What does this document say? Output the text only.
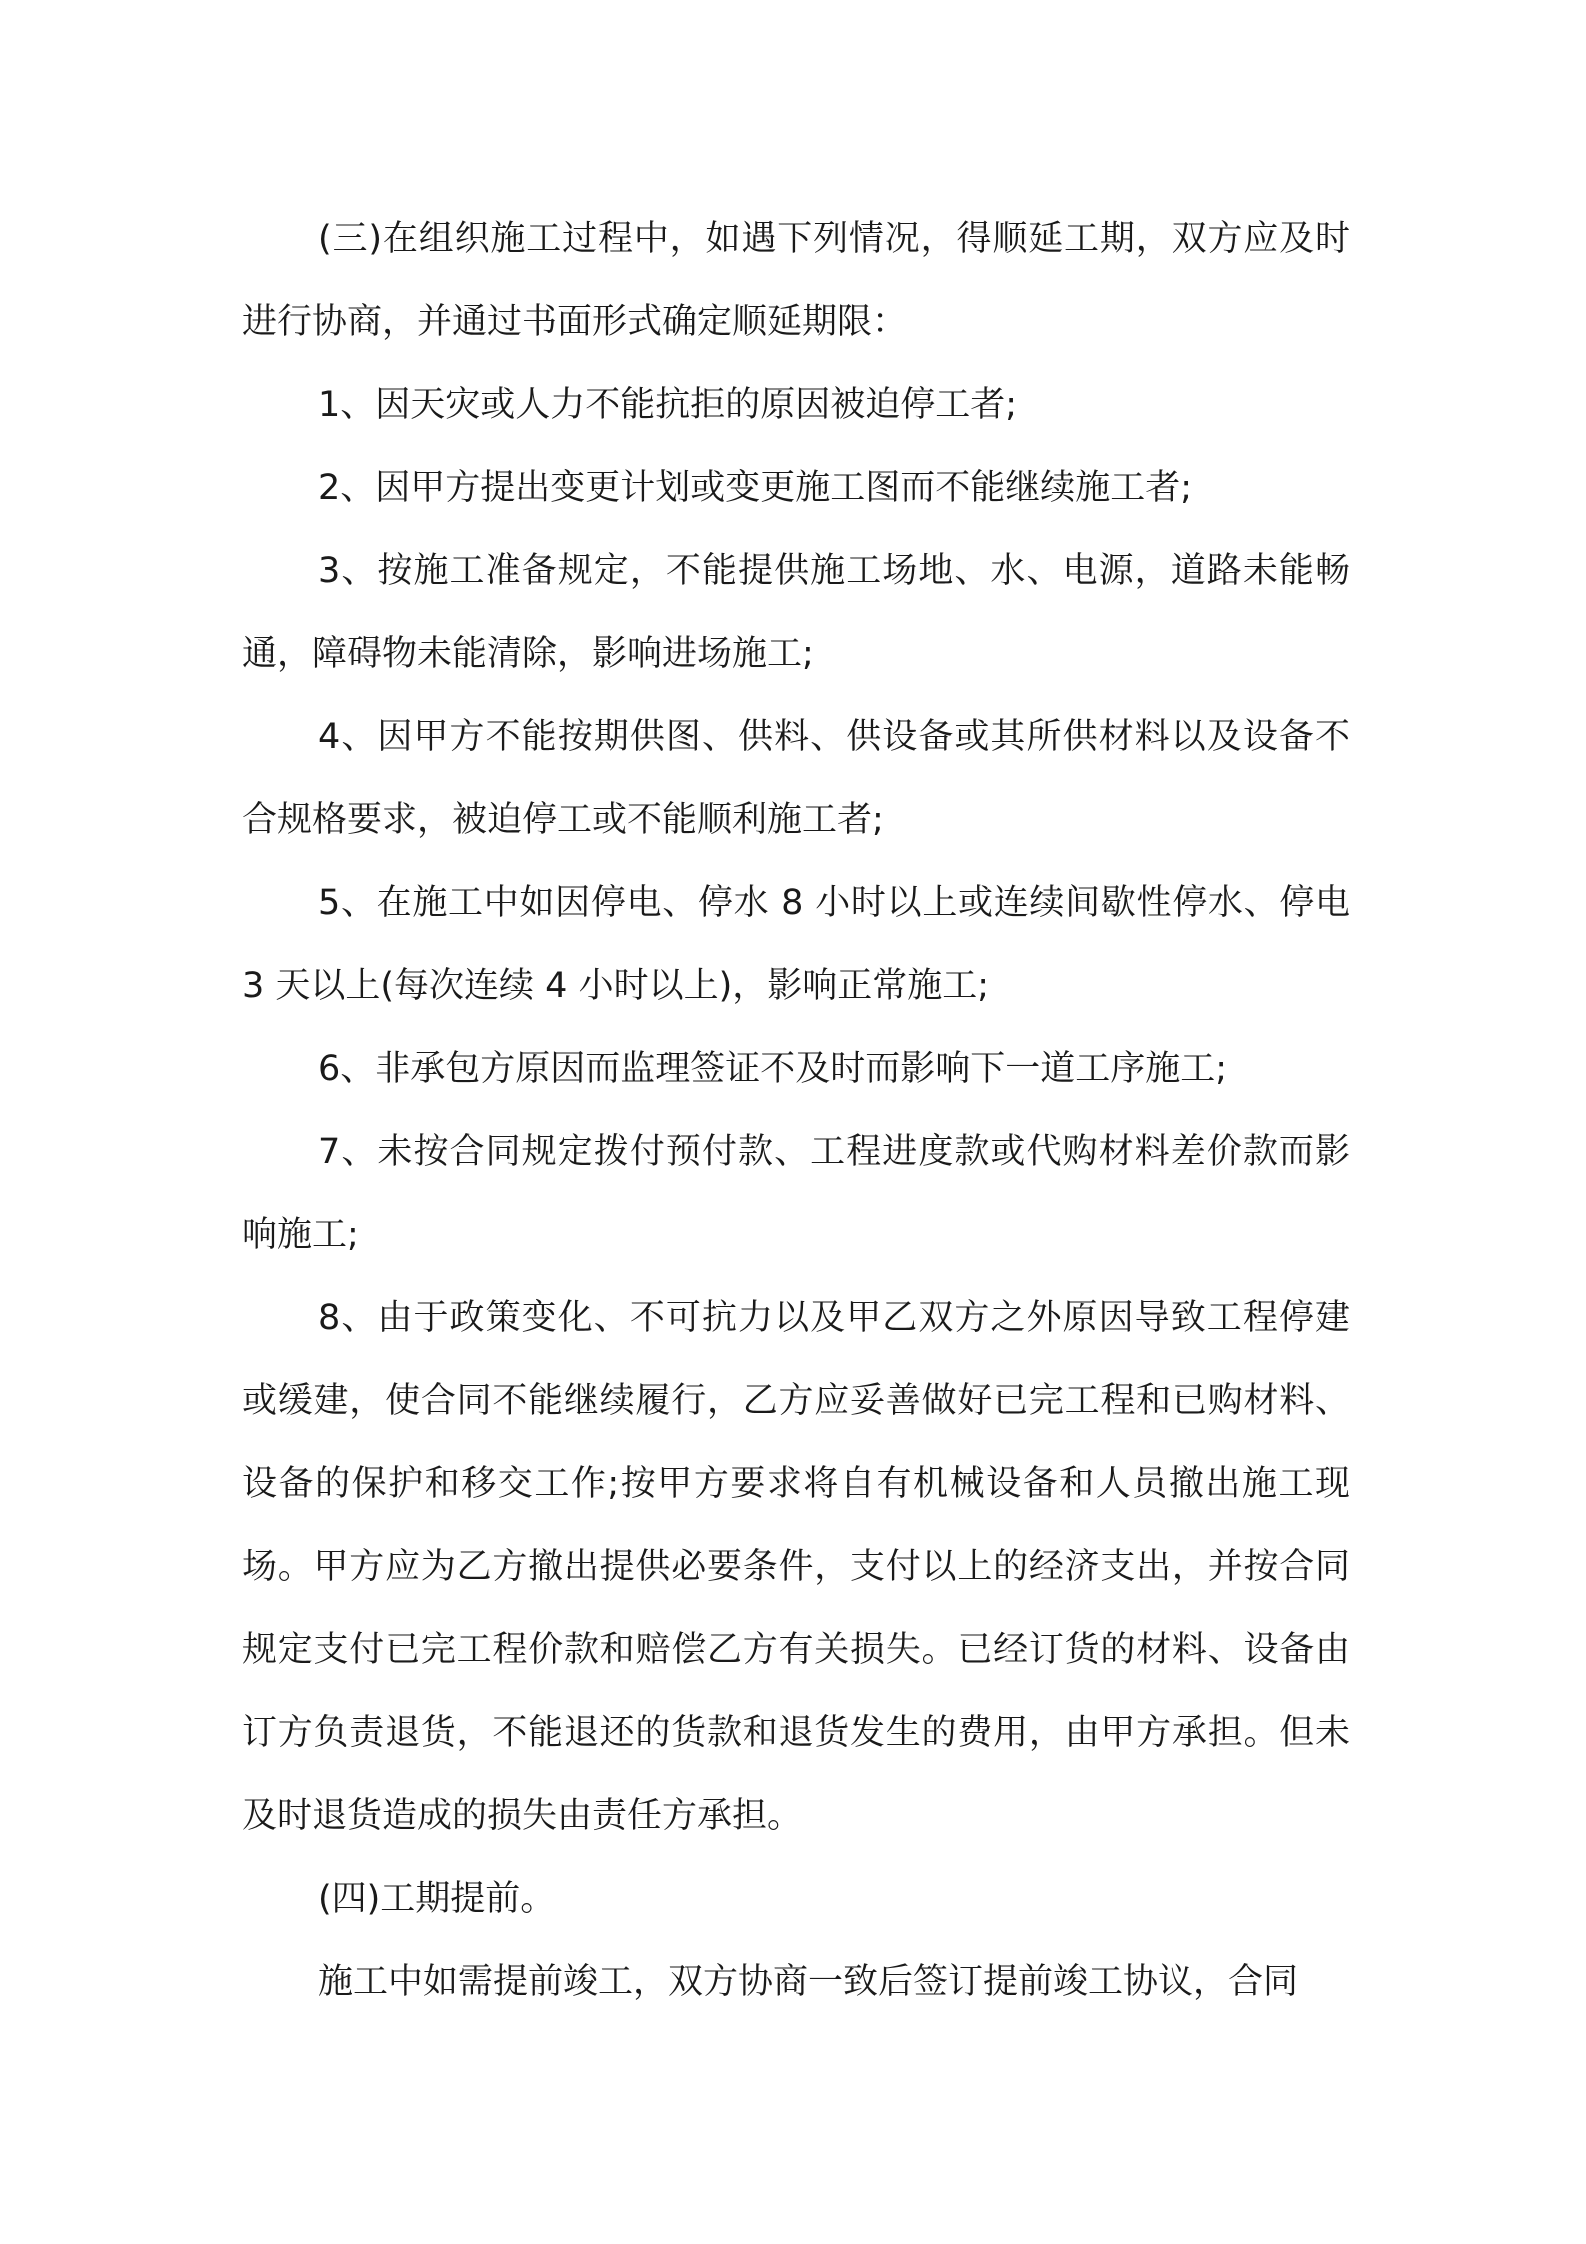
(三)在组织施工过程中，如遇下列情况，得顺延工期，双方应及时进行协商，并通过书面形式确定顺延期限：

1、因天灾或人力不能抗拒的原因被迫停工者;

2、因甲方提出变更计划或变更施工图而不能继续施工者;

3、按施工准备规定，不能提供施工场地、水、电源，道路未能畅通，障碍物未能清除，影响进场施工;

4、因甲方不能按期供图、供料、供设备或其所供材料以及设备不合规格要求，被迫停工或不能顺利施工者;

5、在施工中如因停电、停水 8 小时以上或连续间歇性停水、停电 3 天以上(每次连续 4 小时以上)，影响正常施工;

6、非承包方原因而监理签证不及时而影响下一道工序施工;

7、未按合同规定拨付预付款、工程进度款或代购材料差价款而影响施工;

8、由于政策变化、不可抗力以及甲乙双方之外原因导致工程停建或缓建，使合同不能继续履行，乙方应妥善做好已完工程和已购材料、设备的保护和移交工作;按甲方要求将自有机械设备和人员撤出施工现场。甲方应为乙方撤出提供必要条件，支付以上的经济支出，并按合同规定支付已完工程价款和赔偿乙方有关损失。已经订货的材料、设备由订方负责退货，不能退还的货款和退货发生的费用，由甲方承担。但未及时退货造成的损失由责任方承担。

(四)工期提前。

施工中如需提前竣工，双方协商一致后签订提前竣工协议，合同
